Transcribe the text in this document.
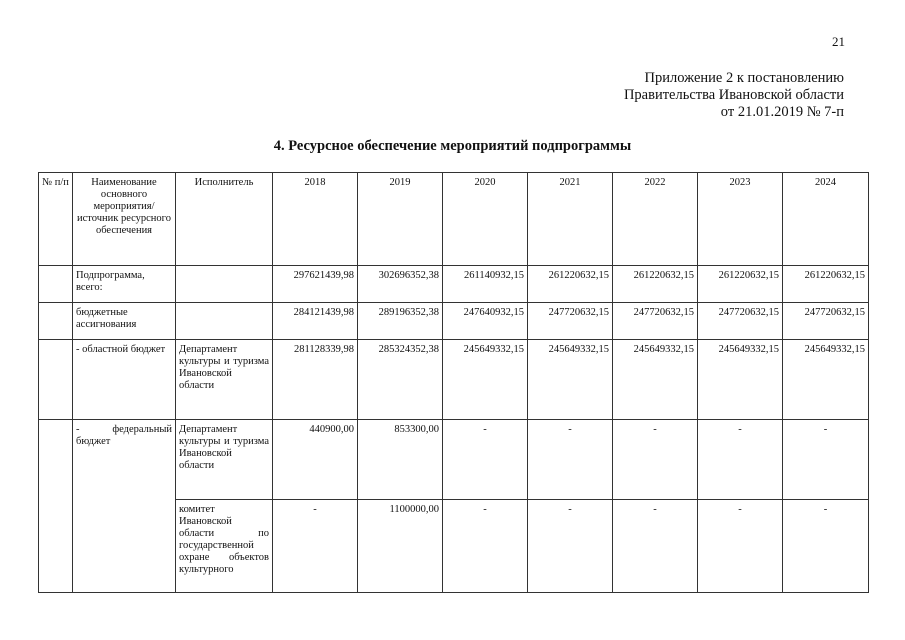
21
Приложение 2 к постановлению
Правительства Ивановской области
от 21.01.2019 № 7-п
4. Ресурсное обеспечение мероприятий подпрограммы
№ п/п	Наименование основного мероприятия/ источник ресурсного обеспечения	Исполнитель	2018	2019	2020	2021	2022	2023	2024
	Подпрограмма, всего:		297621439,98	302696352,38	261140932,15	261220632,15	261220632,15	261220632,15	261220632,15
	бюджетные ассигнования		284121439,98	289196352,38	247640932,15	247720632,15	247720632,15	247720632,15	247720632,15
	- областной бюджет	Департамент культуры и туризма Ивановской области	281128339,98	285324352,38	245649332,15	245649332,15	245649332,15	245649332,15	245649332,15
	- федеральный бюджет	Департамент культуры и туризма Ивановской области	440900,00	853300,00	-	-	-	-	-

		комитет Ивановской области по государственной охране объектов культурного	-	1100000,00	-	-	-	-	-
